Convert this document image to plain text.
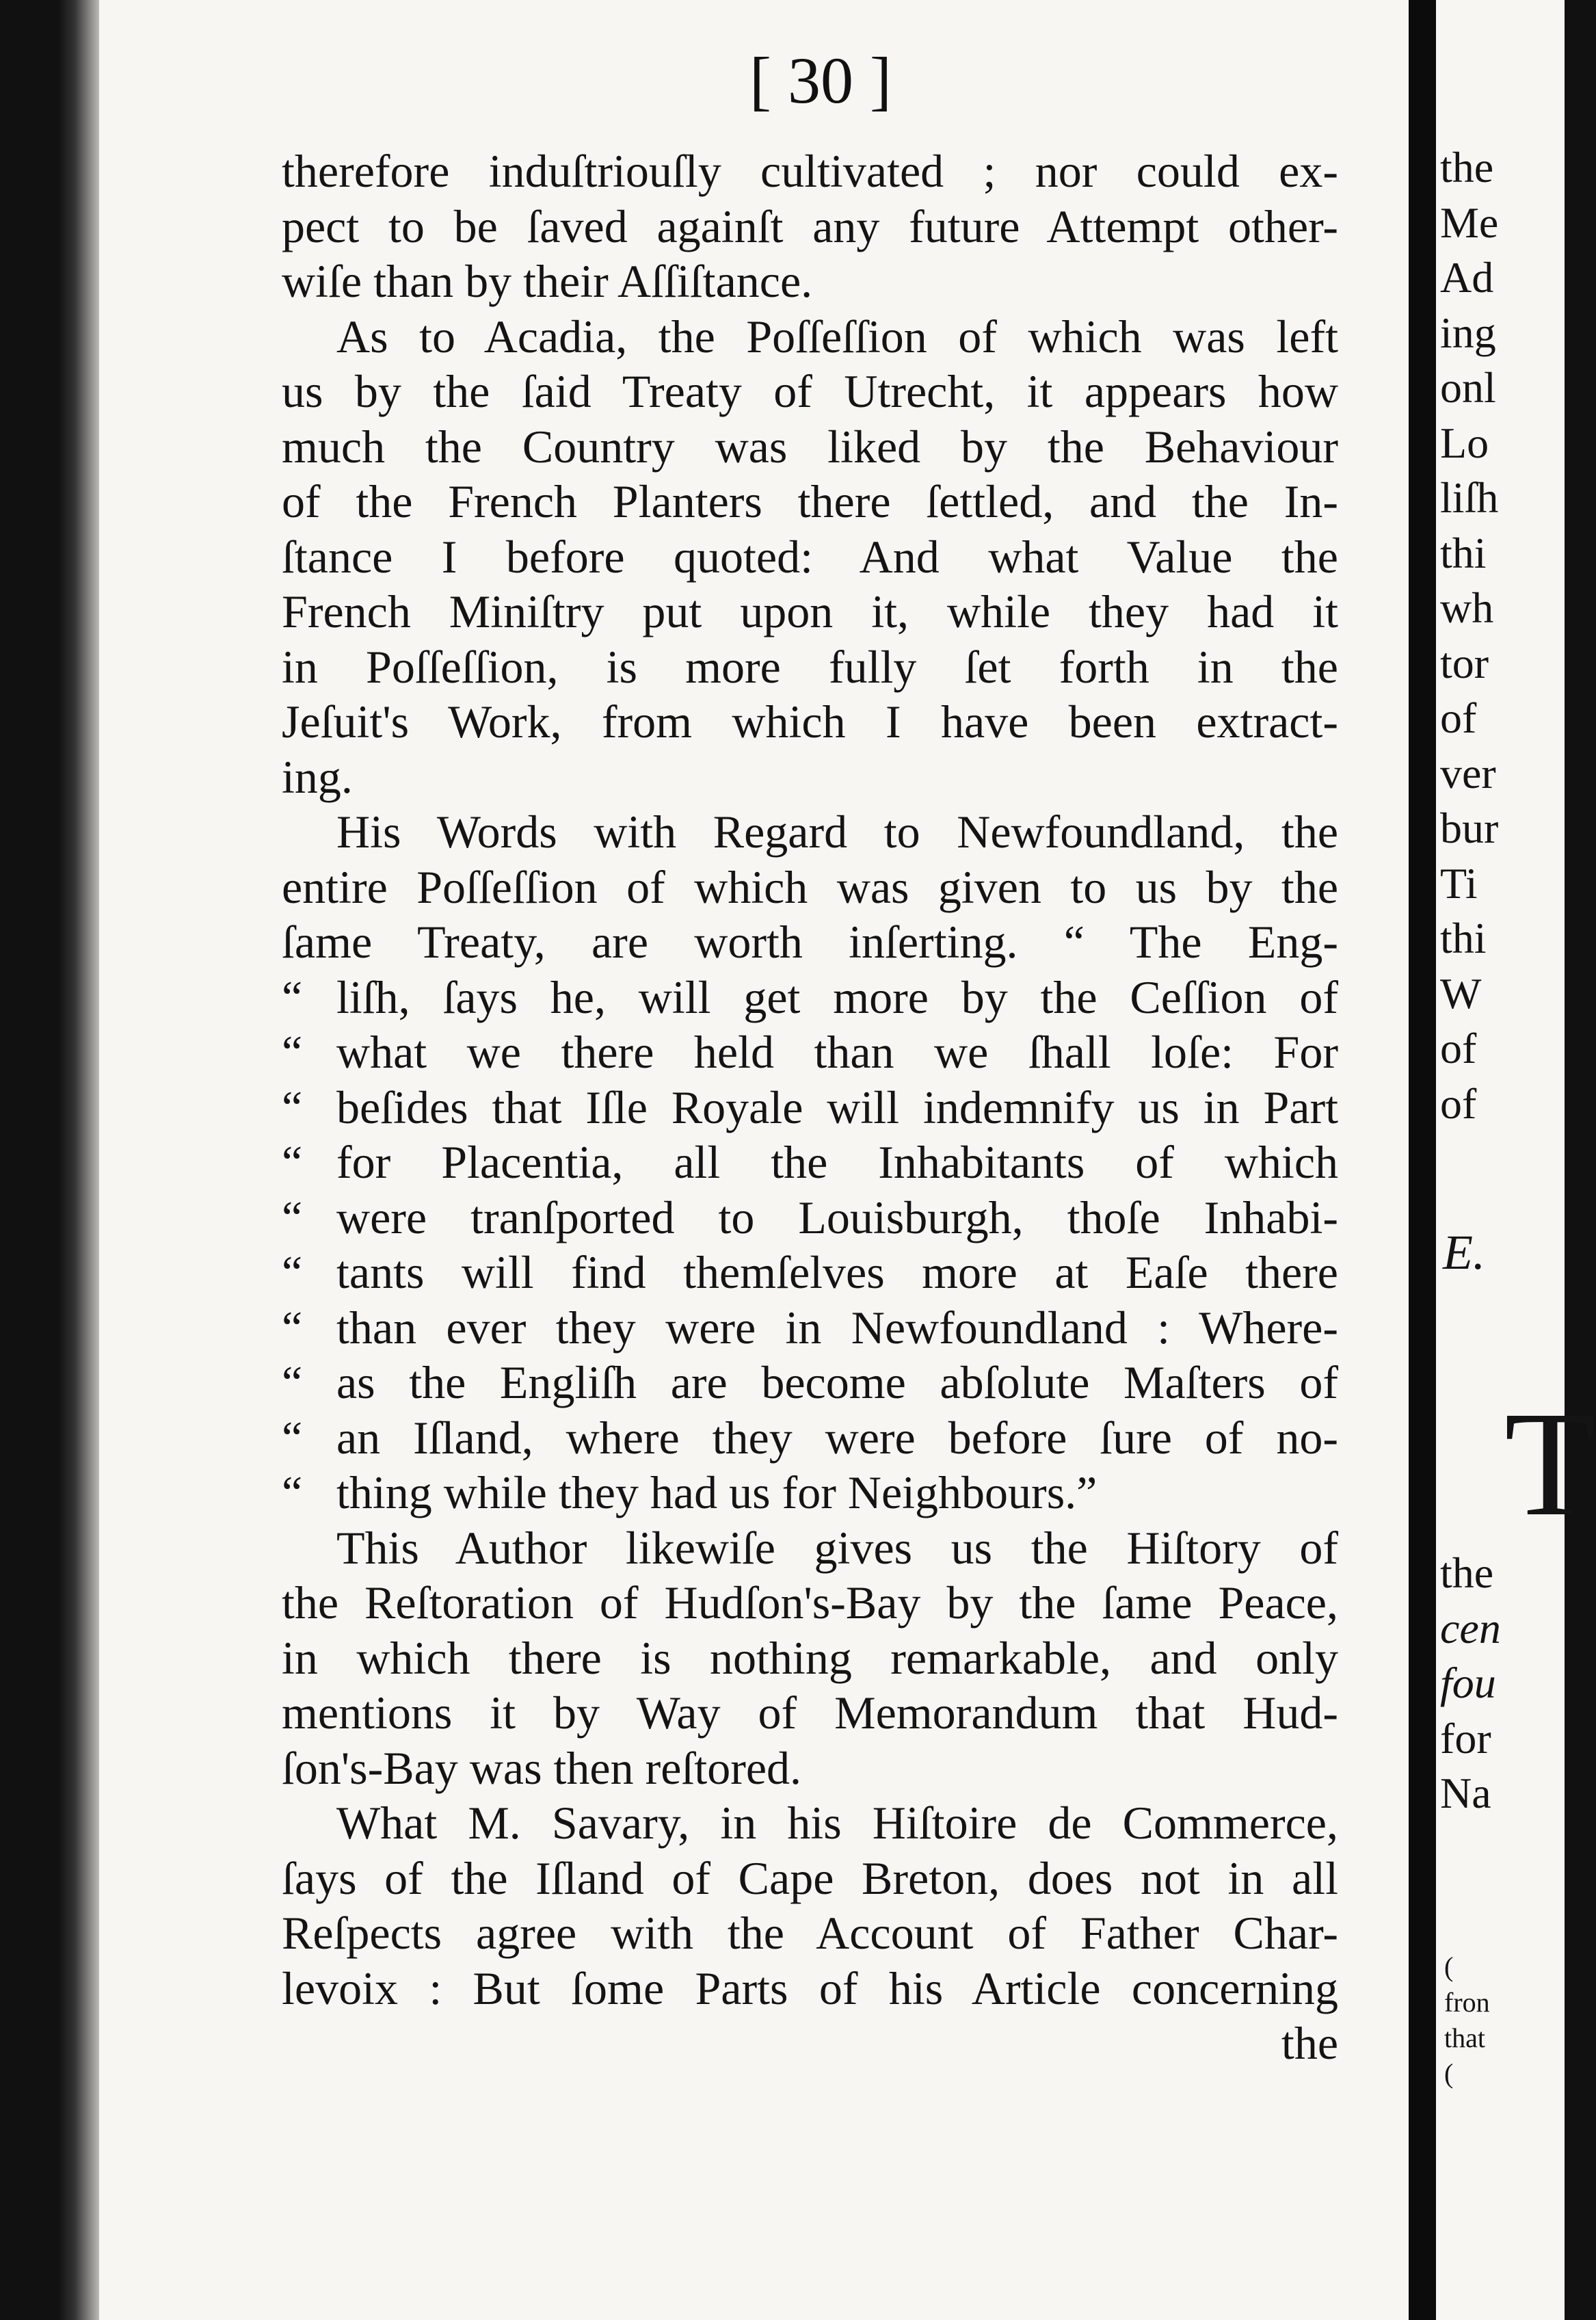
[ 30 ]
therefore induſtriouſly cultivated ; nor could ex-
pect to be ſaved againſt any future Attempt other-
wiſe than by their Aſſiſtance.
As to Acadia, the Poſſeſſion of which was left
us by the ſaid Treaty of Utrecht, it appears how
much the Country was liked by the Behaviour
of the French Planters there ſettled, and the In-
ſtance I before quoted: And what Value the
French Miniſtry put upon it, while they had it
in Poſſeſſion, is more fully ſet forth in the
Jeſuit's Work, from which I have been extract-
ing.
His Words with Regard to Newfoundland, the
entire Poſſeſſion of which was given to us by the
ſame Treaty, are worth inſerting. “ The Eng-
“ liſh, ſays he, will get more by the Ceſſion of
“ what we there held than we ſhall loſe: For
“ beſides that Iſle Royale will indemnify us in Part
“ for Placentia, all the Inhabitants of which
“ were tranſported to Louisburgh, thoſe Inhabi-
“ tants will find themſelves more at Eaſe there
“ than ever they were in Newfoundland : Where-
“ as the Engliſh are become abſolute Maſters of
“ an Iſland, where they were before ſure of no-
“ thing while they had us for Neighbours.”
This Author likewiſe gives us the Hiſtory of
the Reſtoration of Hudſon's-Bay by the ſame Peace,
in which there is nothing remarkable, and only
mentions it by Way of Memorandum that Hud-
ſon's-Bay was then reſtored.
What M. Savary, in his Hiſtoire de Commerce,
ſays of the Iſland of Cape Breton, does not in all
Reſpects agree with the Account of Father Char-
levoix : But ſome Parts of his Article concerning
the
the
Me
Ad
ing
onl
Lo
liſh
thi
wh
tor
of
ver
bur
Ti
thi
W
of
of
E.
T
the
cen
fou
for
Na
(
fron
that
(
